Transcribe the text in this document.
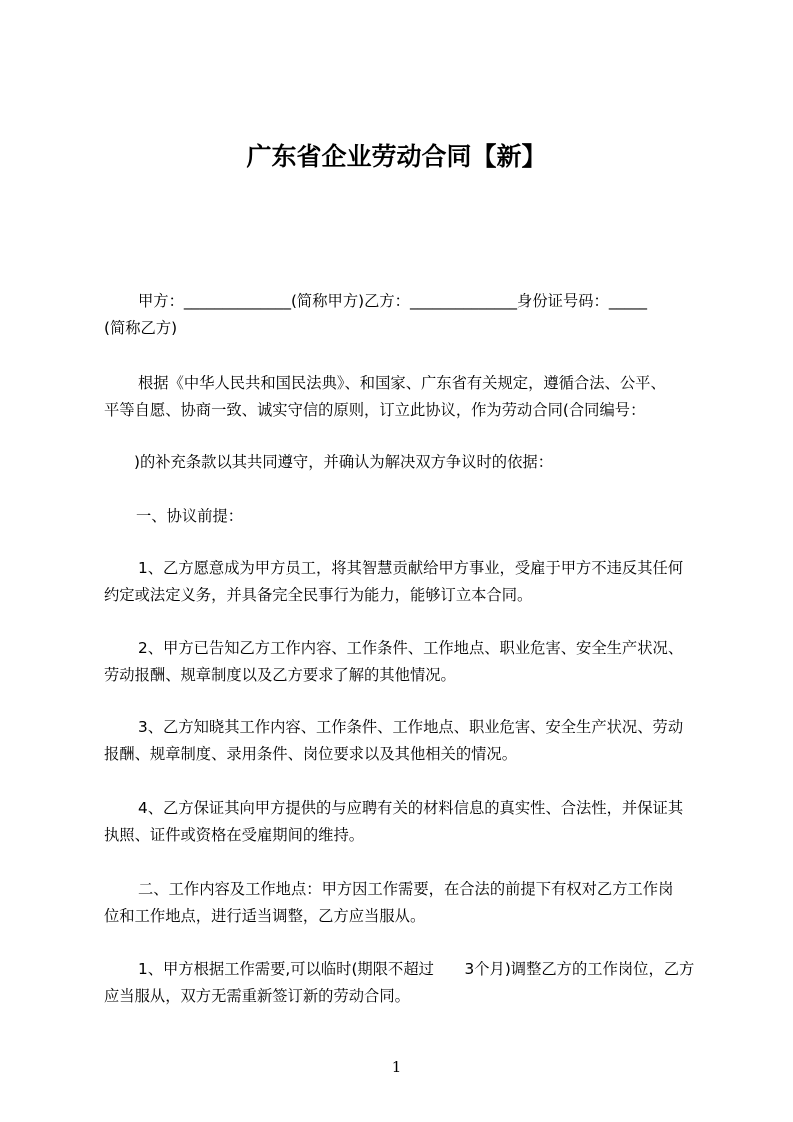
广东省企业劳动合同【新】
甲方：______________(简称甲方)乙方：______________身份证号码：_____
(简称乙方)
根据《中华人民共和国民法典》、和国家、广东省有关规定，遵循合法、公平、
平等自愿、协商一致、诚实守信的原则，订立此协议，作为劳动合同(合同编号：
)的补充条款以其共同遵守，并确认为解决双方争议时的依据：
一、协议前提：
1、乙方愿意成为甲方员工，将其智慧贡献给甲方事业，受雇于甲方不违反其任何
约定或法定义务，并具备完全民事行为能力，能够订立本合同。
2、甲方已告知乙方工作内容、工作条件、工作地点、职业危害、安全生产状况、
劳动报酬、规章制度以及乙方要求了解的其他情况。
3、乙方知晓其工作内容、工作条件、工作地点、职业危害、安全生产状况、劳动
报酬、规章制度、录用条件、岗位要求以及其他相关的情况。
4、乙方保证其向甲方提供的与应聘有关的材料信息的真实性、合法性，并保证其
执照、证件或资格在受雇期间的维持。
二、工作内容及工作地点：甲方因工作需要，在合法的前提下有权对乙方工作岗
位和工作地点，进行适当调整，乙方应当服从。
1、甲方根据工作需要,可以临时(期限不超过　　3个月)调整乙方的工作岗位，乙方
应当服从，双方无需重新签订新的劳动合同。
1
